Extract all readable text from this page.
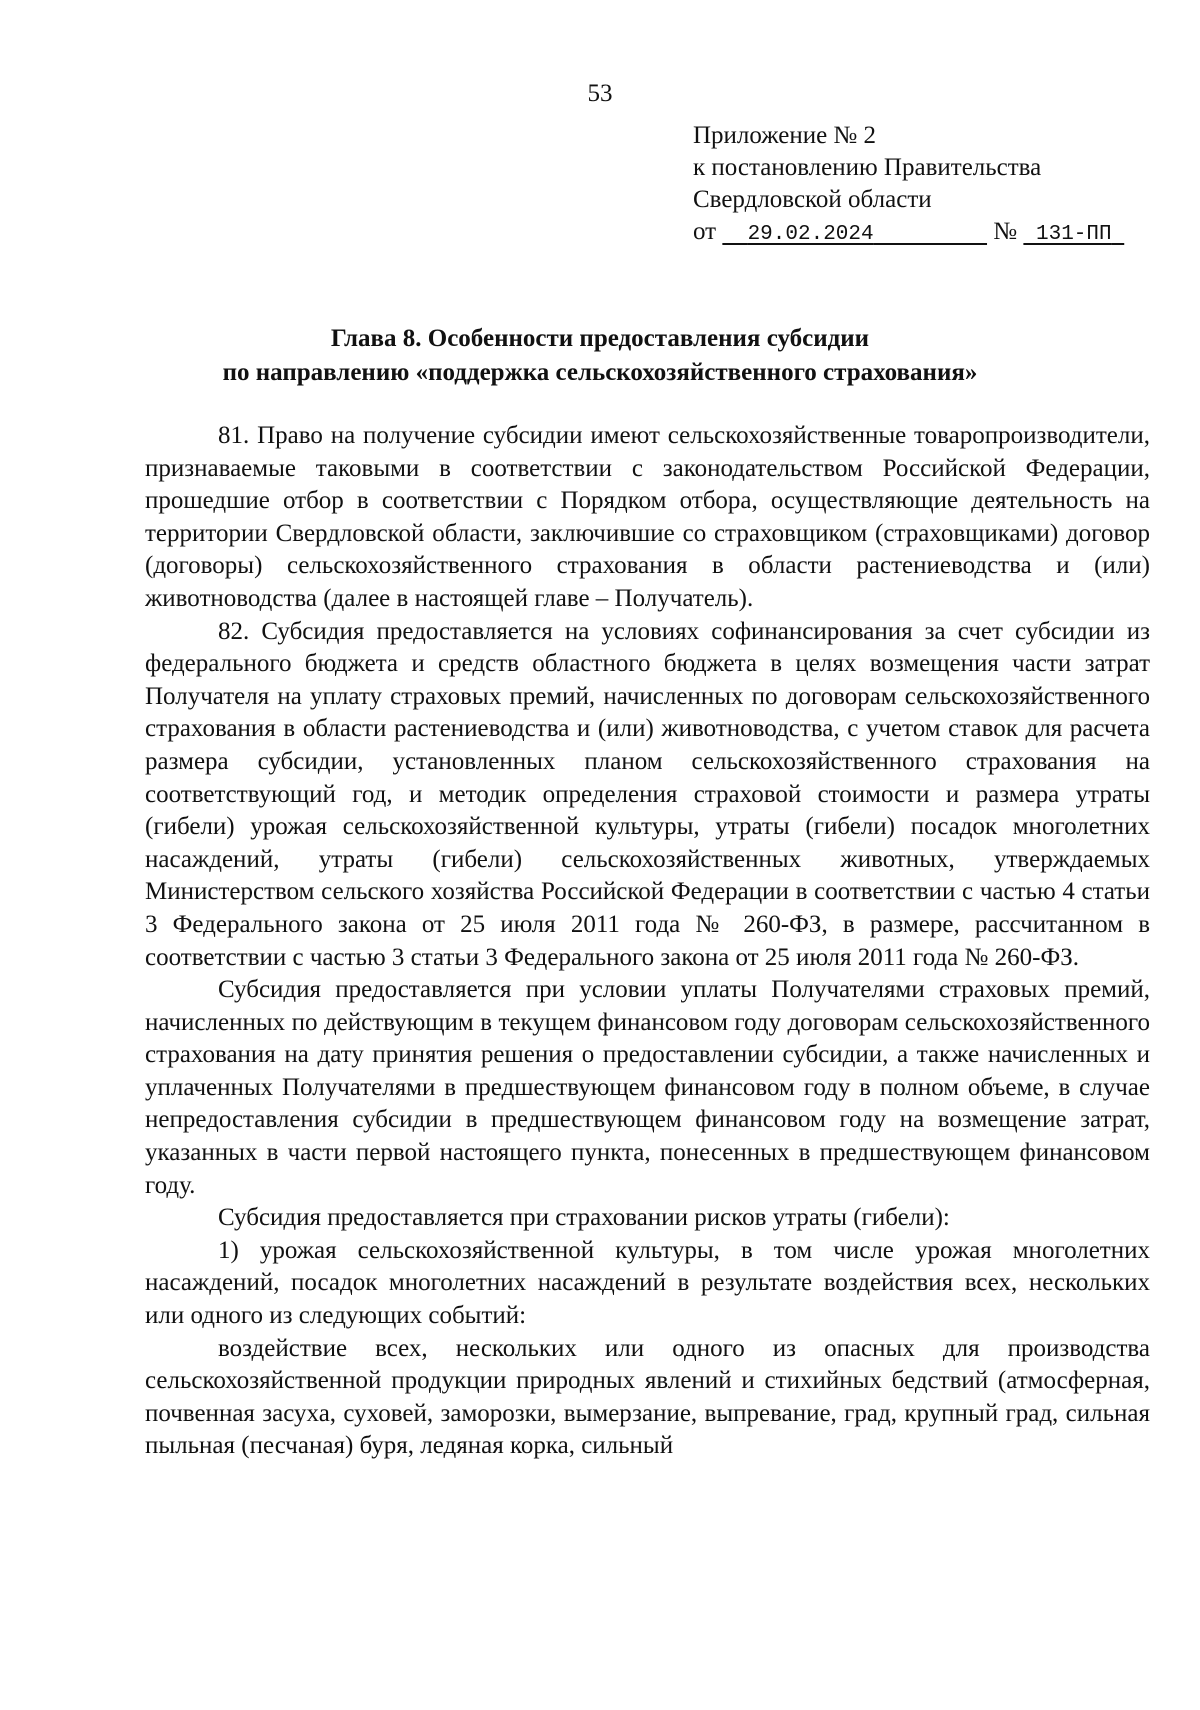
53
Приложение № 2
к постановлению Правительства
Свердловской области
от 29.02.2024	№ 131-ПП
Глава 8. Особенности предоставления субсидии
по направлению «поддержка сельскохозяйственного страхования»

81. Право на получение субсидии имеют сельскохозяйственные товаропроизводители, признаваемые таковыми в соответствии с законодательством Российской Федерации, прошедшие отбор в соответствии с Порядком отбора, осуществляющие деятельность на территории Свердловской области, заключившие со страховщиком (страховщиками) договор (договоры) сельскохозяйственного страхования в области растениеводства и (или) животноводства (далее в настоящей главе – Получатель).

82. Субсидия предоставляется на условиях софинансирования за счет субсидии из федерального бюджета и средств областного бюджета в целях возмещения части затрат Получателя на уплату страховых премий, начисленных по договорам сельскохозяйственного страхования в области растениеводства и (или) животноводства, с учетом ставок для расчета размера субсидии, установленных планом сельскохозяйственного страхования на соответствующий год, и методик определения страховой стоимости и размера утраты (гибели) урожая сельскохозяйственной культуры, утраты (гибели) посадок многолетних насаждений, утраты (гибели) сельскохозяйственных животных, утверждаемых Министерством сельского хозяйства Российской Федерации в соответствии с частью 4 статьи 3 Федерального закона от 25 июля 2011 года № 260-ФЗ, в размере, рассчитанном в соответствии с частью 3 статьи 3 Федерального закона от 25 июля 2011 года № 260-ФЗ.

Субсидия предоставляется при условии уплаты Получателями страховых премий, начисленных по действующим в текущем финансовом году договорам сельскохозяйственного страхования на дату принятия решения о предоставлении субсидии, а также начисленных и уплаченных Получателями в предшествующем финансовом году в полном объеме, в случае непредоставления субсидии в предшествующем финансовом году на возмещение затрат, указанных в части первой настоящего пункта, понесенных в предшествующем финансовом году.

Субсидия предоставляется при страховании рисков утраты (гибели):

1) урожая сельскохозяйственной культуры, в том числе урожая многолетних насаждений, посадок многолетних насаждений в результате воздействия всех, нескольких или одного из следующих событий:

воздействие всех, нескольких или одного из опасных для производства сельскохозяйственной продукции природных явлений и стихийных бедствий (атмосферная, почвенная засуха, суховей, заморозки, вымерзание, выпревание, град, крупный град, сильная пыльная (песчаная) буря, ледяная корка, сильный
